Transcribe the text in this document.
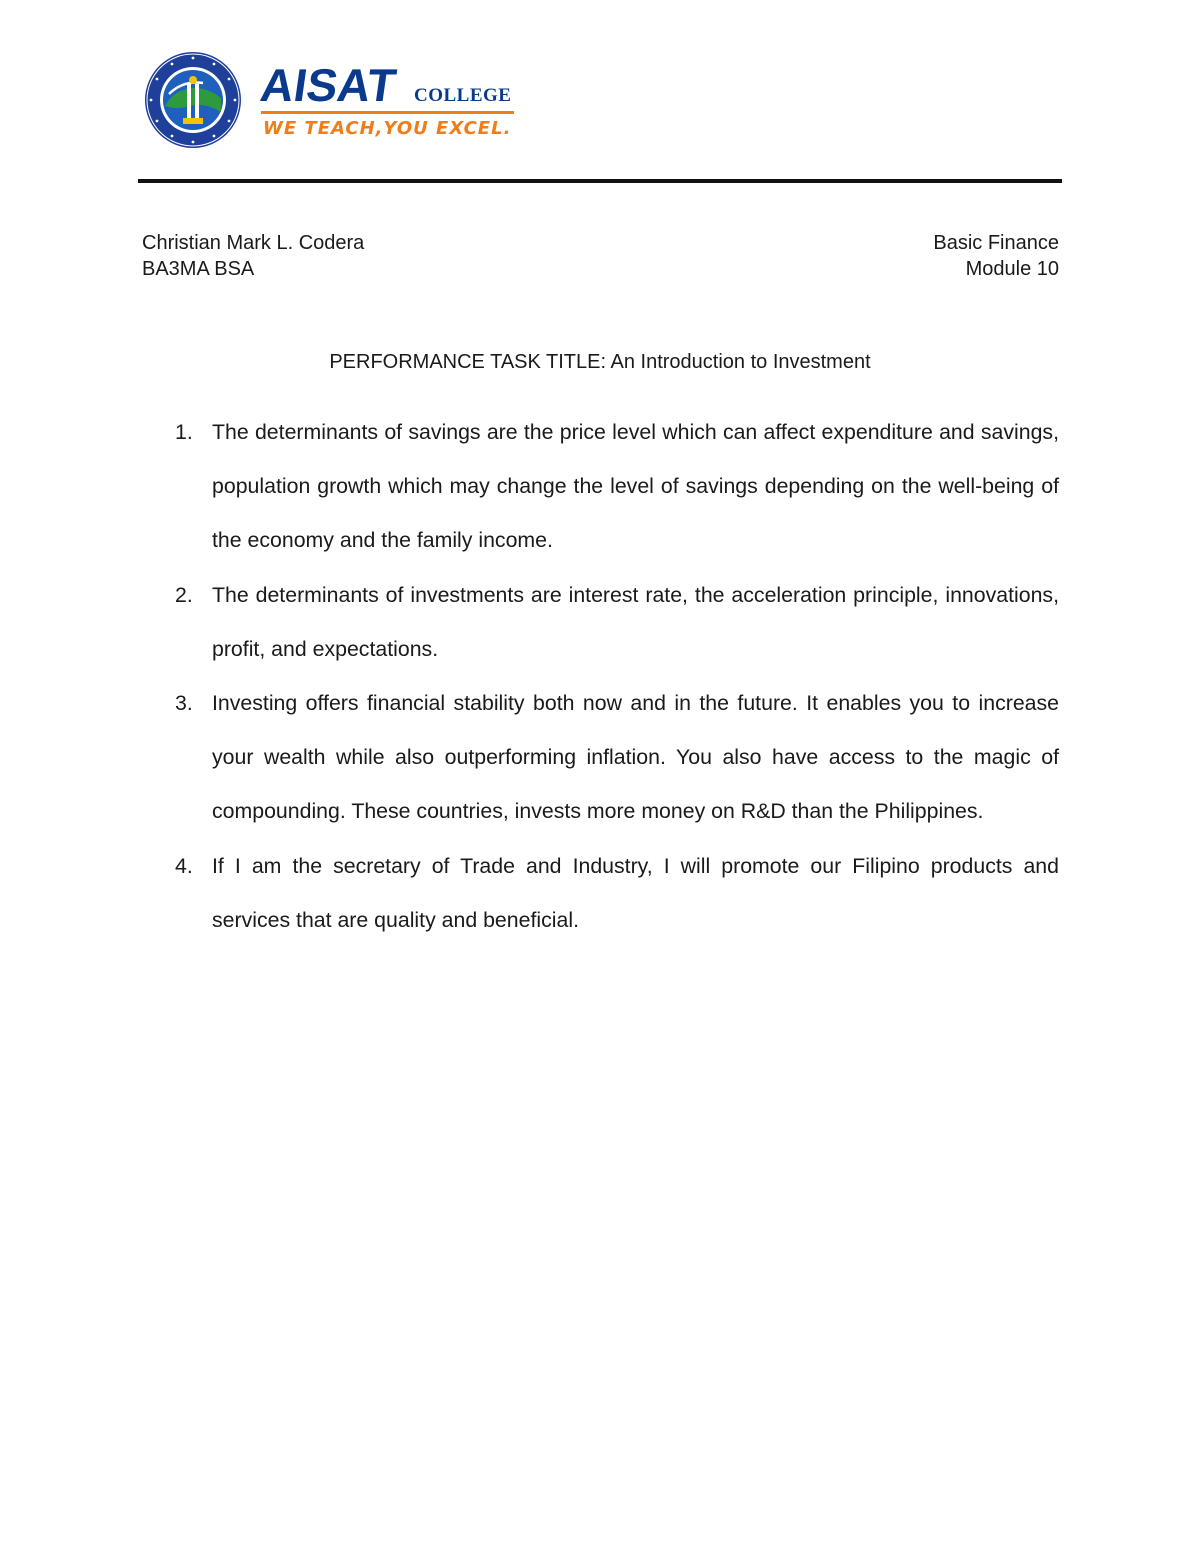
AISAT COLLEGE
WE TEACH,YOU EXCEL.
Christian Mark L. Codera
BA3MA BSA
Basic Finance
Module 10
PERFORMANCE TASK TITLE: An Introduction to Investment
1. The determinants of savings are the price level which can affect expenditure and savings, population growth which may change the level of savings depending on the well-being of the economy and the family income.
2. The determinants of investments are interest rate, the acceleration principle, innovations, profit, and expectations.
3. Investing offers financial stability both now and in the future. It enables you to increase your wealth while also outperforming inflation. You also have access to the magic of compounding. These countries, invests more money on R&D than the Philippines.
4. If I am the secretary of Trade and Industry, I will promote our Filipino products and services that are quality and beneficial.
